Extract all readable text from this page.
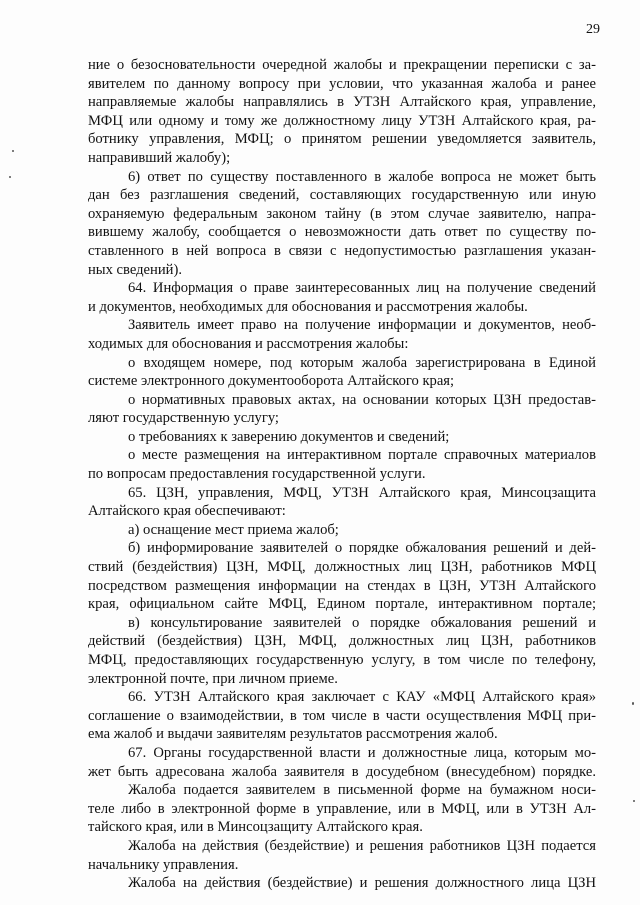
29
ние о безосновательности очередной жалобы и прекращении переписки с за-
явителем по данному вопросу при условии, что указанная жалоба и ранее
направляемые жалобы направлялись в УТЗН Алтайского края, управление,
МФЦ или одному и тому же должностному лицу УТЗН Алтайского края, ра-
ботнику управления, МФЦ; о принятом решении уведомляется заявитель,
направивший жалобу);
6) ответ по существу поставленного в жалобе вопроса не может быть
дан без разглашения сведений, составляющих государственную или иную
охраняемую федеральным законом тайну (в этом случае заявителю, напра-
вившему жалобу, сообщается о невозможности дать ответ по существу по-
ставленного в ней вопроса в связи с недопустимостью разглашения указан-
ных сведений).
64. Информация о праве заинтересованных лиц на получение сведений
и документов, необходимых для обоснования и рассмотрения жалобы.
Заявитель имеет право на получение информации и документов, необ-
ходимых для обоснования и рассмотрения жалобы:
о входящем номере, под которым жалоба зарегистрирована в Единой
системе электронного документооборота Алтайского края;
о нормативных правовых актах, на основании которых ЦЗН предостав-
ляют государственную услугу;
о требованиях к заверению документов и сведений;
о месте размещения на интерактивном портале справочных материалов
по вопросам предоставления государственной услуги.
65. ЦЗН, управления, МФЦ, УТЗН Алтайского края, Минсоцзащита
Алтайского края обеспечивают:
а) оснащение мест приема жалоб;
б) информирование заявителей о порядке обжалования решений и дей-
ствий (бездействия) ЦЗН, МФЦ, должностных лиц ЦЗН, работников МФЦ
посредством размещения информации на стендах в ЦЗН, УТЗН Алтайского
края, официальном сайте МФЦ, Едином портале, интерактивном портале;
в) консультирование заявителей о порядке обжалования решений и
действий (бездействия) ЦЗН, МФЦ, должностных лиц ЦЗН, работников
МФЦ, предоставляющих государственную услугу, в том числе по телефону,
электронной почте, при личном приеме.
66. УТЗН Алтайского края заключает с КАУ «МФЦ Алтайского края»
соглашение о взаимодействии, в том числе в части осуществления МФЦ при-
ема жалоб и выдачи заявителям результатов рассмотрения жалоб.
67. Органы государственной власти и должностные лица, которым мо-
жет быть адресована жалоба заявителя в досудебном (внесудебном) порядке.
Жалоба подается заявителем в письменной форме на бумажном носи-
теле либо в электронной форме в управление, или в МФЦ, или в УТЗН Ал-
тайского края, или в Минсоцзащиту Алтайского края.
Жалоба на действия (бездействие) и решения работников ЦЗН подается
начальнику управления.
Жалоба на действия (бездействие) и решения должностного лица ЦЗН
